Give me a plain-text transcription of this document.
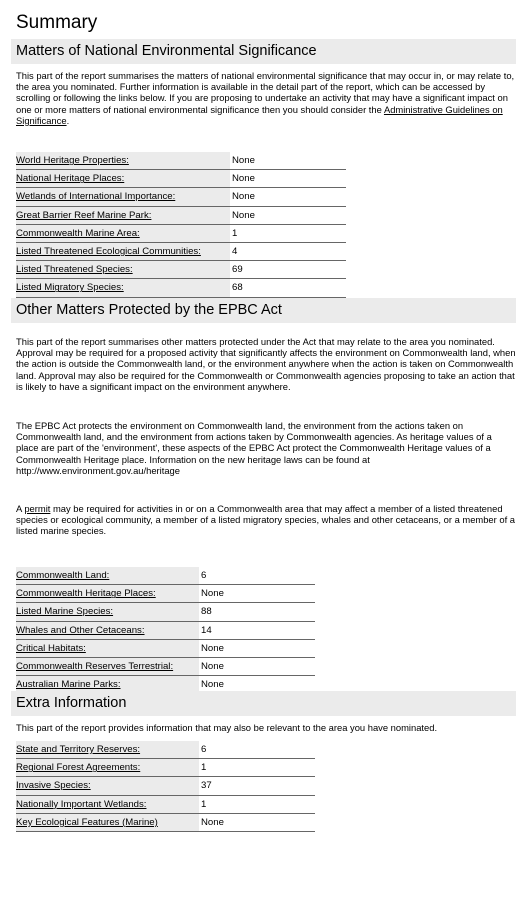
Summary
Matters of National Environmental Significance
This part of the report summarises the matters of national environmental significance that may occur in, or may relate to, the area you nominated. Further information is available in the detail part of the report, which can be accessed by scrolling or following the links below. If you are proposing to undertake an activity that may have a significant impact on one or more matters of national environmental significance then you should consider the Administrative Guidelines on Significance.
World Heritage Properties:	None
National Heritage Places:	None
Wetlands of International Importance:	None
Great Barrier Reef Marine Park:	None
Commonwealth Marine Area:	1
Listed Threatened Ecological Communities:	4
Listed Threatened Species:	69
Listed Migratory Species:	68
Other Matters Protected by the EPBC Act
This part of the report summarises other matters protected under the Act that may relate to the area you nominated. Approval may be required for a proposed activity that significantly affects the environment on Commonwealth land, when the action is outside the Commonwealth land, or the environment anywhere when the action is taken on Commonwealth land. Approval may also be required for the Commonwealth or Commonwealth agencies proposing to take an action that is likely to have a significant impact on the environment anywhere.
The EPBC Act protects the environment on Commonwealth land, the environment from the actions taken on Commonwealth land, and the environment from actions taken by Commonwealth agencies. As heritage values of a place are part of the 'environment', these aspects of the EPBC Act protect the Commonwealth Heritage values of a Commonwealth Heritage place. Information on the new heritage laws can be found at http://www.environment.gov.au/heritage
A permit may be required for activities in or on a Commonwealth area that may affect a member of a listed threatened species or ecological community, a member of a listed migratory species, whales and other cetaceans, or a member of a listed marine species.
Commonwealth Land:	6
Commonwealth Heritage Places:	None
Listed Marine Species:	88
Whales and Other Cetaceans:	14
Critical Habitats:	None
Commonwealth Reserves Terrestrial:	None
Australian Marine Parks:	None
Extra Information
This part of the report provides information that may also be relevant to the area you have nominated.
State and Territory Reserves:	6
Regional Forest Agreements:	1
Invasive Species:	37
Nationally Important Wetlands:	1
Key Ecological Features (Marine)	None
